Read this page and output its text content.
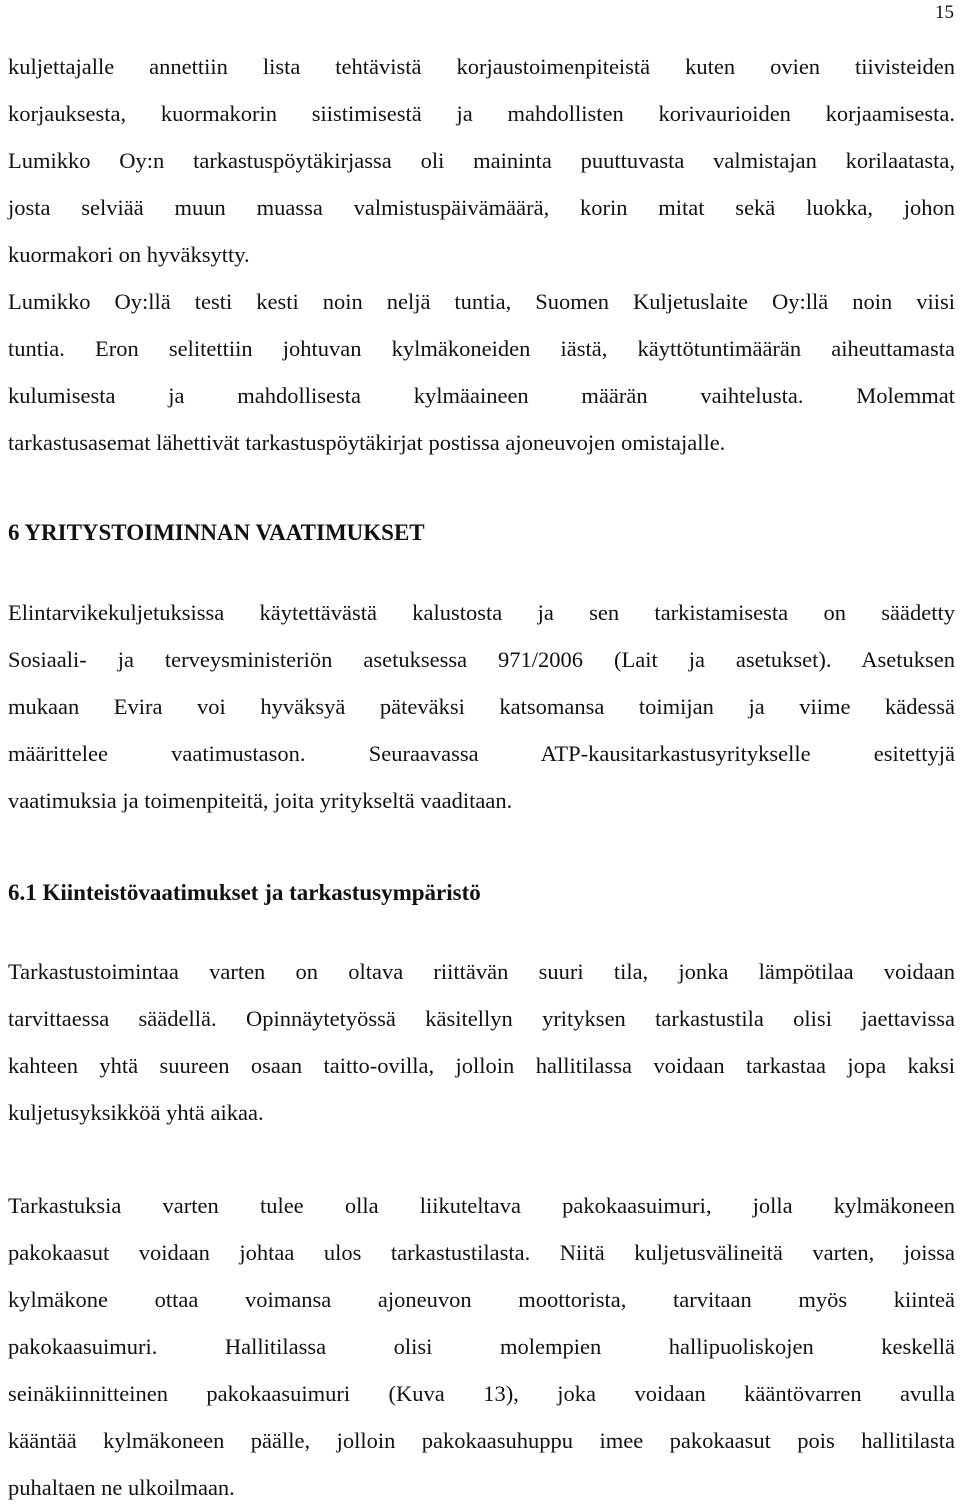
15
kuljettajalle annettiin lista tehtävistä korjaustoimenpiteistä kuten ovien tiivisteiden
korjauksesta, kuormakorin siistimisestä ja mahdollisten korivaurioiden korjaamisesta.
Lumikko Oy:n tarkastuspöytäkirjassa oli maininta puuttuvasta valmistajan korilaatasta,
josta selviää muun muassa valmistuspäivämäärä, korin mitat sekä luokka, johon
kuormakori on hyväksytty.
Lumikko Oy:llä testi kesti noin neljä tuntia, Suomen Kuljetuslaite Oy:llä noin viisi
tuntia. Eron selitettiin johtuvan kylmäkoneiden iästä, käyttötuntimäärän aiheuttamasta
kulumisesta ja mahdollisesta kylmäaineen määrän vaihtelusta. Molemmat
tarkastusasemat lähettivät tarkastuspöytäkirjat postissa ajoneuvojen omistajalle.
6 YRITYSTOIMINNAN VAATIMUKSET
Elintarvikekuljetuksissa käytettävästä kalustosta ja sen tarkistamisesta on säädetty
Sosiaali- ja terveysministeriön asetuksessa 971/2006 (Lait ja asetukset). Asetuksen
mukaan Evira voi hyväksyä päteväksi katsomansa toimijan ja viime kädessä
määrittelee vaatimustason. Seuraavassa ATP-kausitarkastusyritykselle esitettyjä
vaatimuksia ja toimenpiteitä, joita yritykseltä vaaditaan.
6.1 Kiinteistövaatimukset ja tarkastusympäristö
Tarkastustoimintaa varten on oltava riittävän suuri tila, jonka lämpötilaa voidaan
tarvittaessa säädellä. Opinnäytetyössä käsitellyn yrityksen tarkastustila olisi jaettavissa
kahteen yhtä suureen osaan taitto-ovilla, jolloin hallitilassa voidaan tarkastaa jopa kaksi
kuljetusyksikköä yhtä aikaa.
Tarkastuksia varten tulee olla liikuteltava pakokaasuimuri, jolla kylmäkoneen
pakokaasut voidaan johtaa ulos tarkastustilasta. Niitä kuljetusvälineitä varten, joissa
kylmäkone ottaa voimansa ajoneuvon moottorista, tarvitaan myös kiinteä
pakokaasuimuri. Hallitilassa olisi molempien hallipuoliskojen keskellä
seinäkiinnitteinen pakokaasuimuri (Kuva 13), joka voidaan kääntövarren avulla
kääntää kylmäkoneen päälle, jolloin pakokaasuhuppu imee pakokaasut pois hallitilasta
puhaltaen ne ulkoilmaan.
